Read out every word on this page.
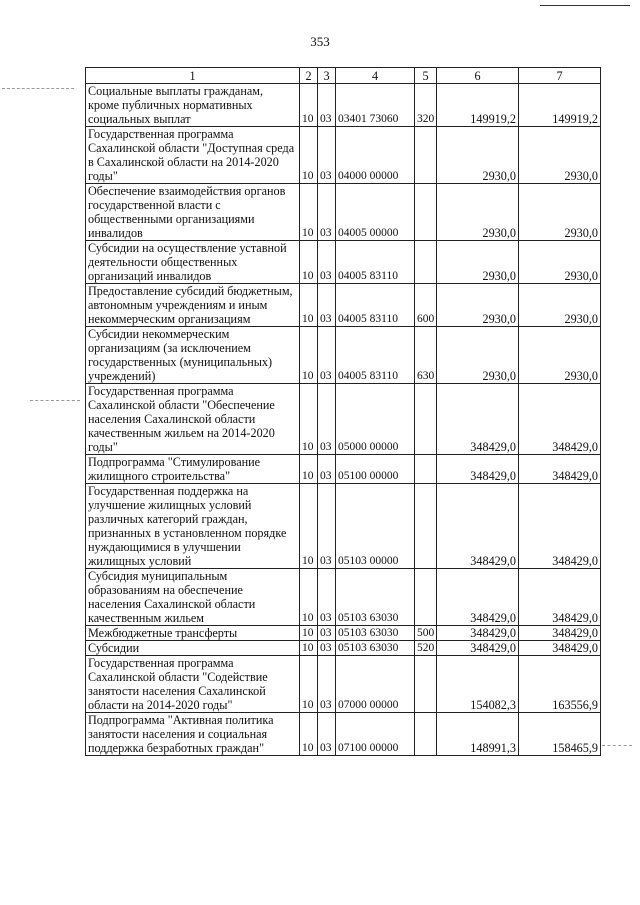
353
1	2	3	4	5	6	7
Социальные выплаты гражданам, кроме публичных нормативных социальных выплат	10	03	03401 73060	320	149919,2	149919,2
Государственная программа Сахалинской области "Доступная среда в Сахалинской области на 2014-2020 годы"	10	03	04000 00000		2930,0	2930,0
Обеспечение взаимодействия органов государственной власти с общественными организациями инвалидов	10	03	04005 00000		2930,0	2930,0
Субсидии на осуществление уставной деятельности общественных организаций инвалидов	10	03	04005 83110		2930,0	2930,0
Предоставление субсидий бюджетным, автономным учреждениям и иным некоммерческим организациям	10	03	04005 83110	600	2930,0	2930,0
Субсидии некоммерческим организациям (за исключением государственных (муниципальных) учреждений)	10	03	04005 83110	630	2930,0	2930,0
Государственная программа Сахалинской области "Обеспечение населения Сахалинской области качественным жильем на 2014-2020 годы"	10	03	05000 00000		348429,0	348429,0
Подпрограмма "Стимулирование жилищного строительства"	10	03	05100 00000		348429,0	348429,0
Государственная поддержка на улучшение жилищных условий различных категорий граждан, признанных в установленном порядке нуждающимися в улучшении жилищных условий	10	03	05103 00000		348429,0	348429,0
Субсидия муниципальным образованиям на обеспечение населения Сахалинской области качественным жильем	10	03	05103 63030		348429,0	348429,0
Межбюджетные трансферты	10	03	05103 63030	500	348429,0	348429,0
Субсидии	10	03	05103 63030	520	348429,0	348429,0
Государственная программа Сахалинской области "Содействие занятости населения Сахалинской области на 2014-2020 годы"	10	03	07000 00000		154082,3	163556,9
Подпрограмма "Активная политика занятости населения и социальная поддержка безработных граждан"	10	03	07100 00000		148991,3	158465,9
